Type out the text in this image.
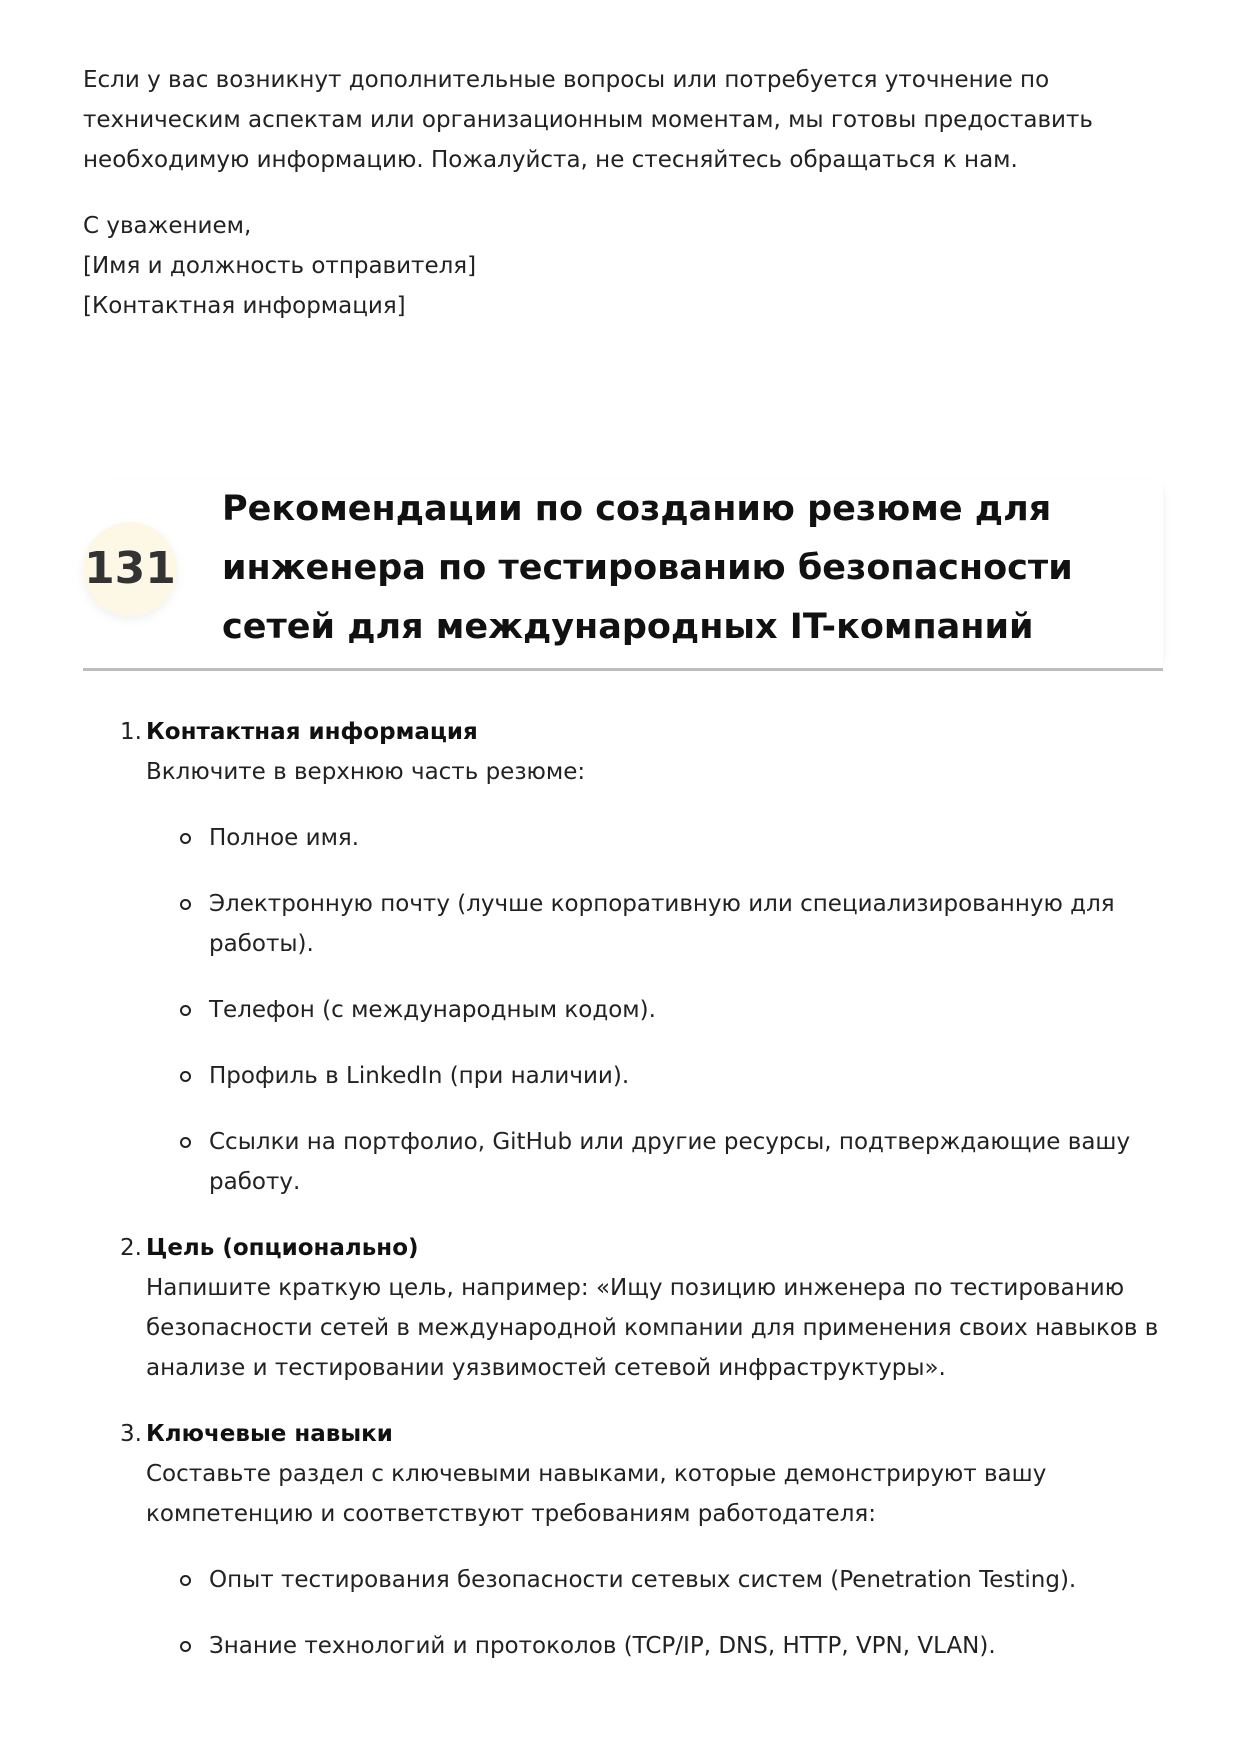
Если у вас возникнут дополнительные вопросы или потребуется уточнение по техническим аспектам или организационным моментам, мы готовы предоставить необходимую информацию. Пожалуйста, не стесняйтесь обращаться к нам.

С уважением,
[Имя и должность отправителя]
[Контактная информация]

131
Рекомендации по созданию резюме для инженера по тестированию безопасности сетей для международных IT-компаний
1. Контактная информация
Включите в верхнюю часть резюме:
Полное имя.
Электронную почту (лучше корпоративную или специализированную для работы).
Телефон (с международным кодом).
Профиль в LinkedIn (при наличии).
Ссылки на портфолио, GitHub или другие ресурсы, подтверждающие вашу работу.
2. Цель (опционально)
Напишите краткую цель, например: «Ищу позицию инженера по тестированию безопасности сетей в международной компании для применения своих навыков в анализе и тестировании уязвимостей сетевой инфраструктуры».
3. Ключевые навыки
Составьте раздел с ключевыми навыками, которые демонстрируют вашу компетенцию и соответствуют требованиям работодателя:
Опыт тестирования безопасности сетевых систем (Penetration Testing).
Знание технологий и протоколов (TCP/IP, DNS, HTTP, VPN, VLAN).
